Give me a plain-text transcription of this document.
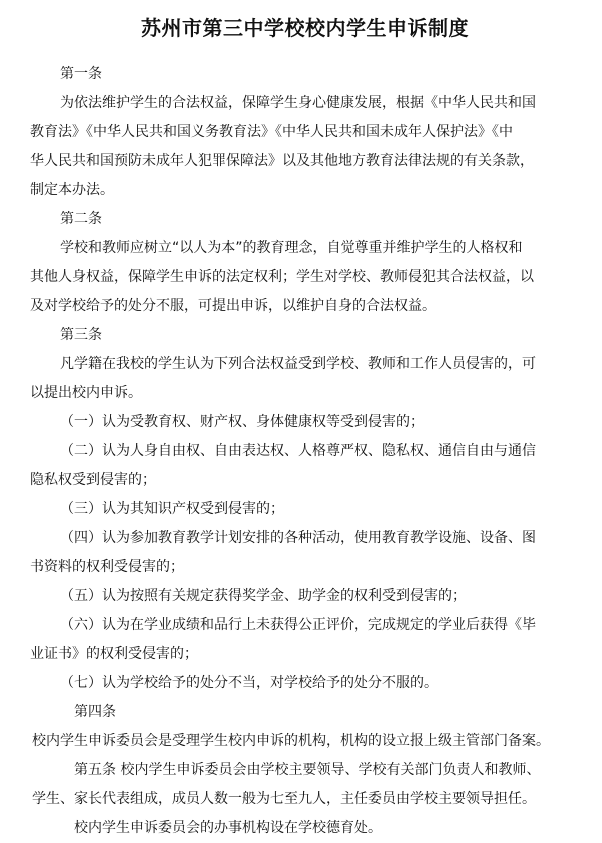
苏州市第三中学校校内学生申诉制度

第一条

为依法维护学生的合法权益，保障学生身心健康发展，根据《中华人民共和国

教育法》《中华人民共和国义务教育法》《中华人民共和国未成年人保护法》《中

华人民共和国预防未成年人犯罪保障法》以及其他地方教育法律法规的有关条款，

制定本办法。

第二条

学校和教师应树立“以人为本”的教育理念，自觉尊重并维护学生的人格权和

其他人身权益，保障学生申诉的法定权利；学生对学校、教师侵犯其合法权益，以

及对学校给予的处分不服，可提出申诉，以维护自身的合法权益。

第三条

凡学籍在我校的学生认为下列合法权益受到学校、教师和工作人员侵害的，可

以提出校内申诉。

（一）认为受教育权、财产权、身体健康权等受到侵害的；

（二）认为人身自由权、自由表达权、人格尊严权、隐私权、通信自由与通信

隐私权受到侵害的；

（三）认为其知识产权受到侵害的；

（四）认为参加教育教学计划安排的各种活动，使用教育教学设施、设备、图

书资料的权利受侵害的；

（五）认为按照有关规定获得奖学金、助学金的权利受到侵害的；

（六）认为在学业成绩和品行上未获得公正评价，完成规定的学业后获得《毕

业证书》的权利受侵害的；

（七）认为学校给予的处分不当，对学校给予的处分不服的。

第四条

校内学生申诉委员会是受理学生校内申诉的机构，机构的设立报上级主管部门备案。

第五条 校内学生申诉委员会由学校主要领导、学校有关部门负责人和教师、

学生、家长代表组成，成员人数一般为七至九人，主任委员由学校主要领导担任。

校内学生申诉委员会的办事机构设在学校德育处。
